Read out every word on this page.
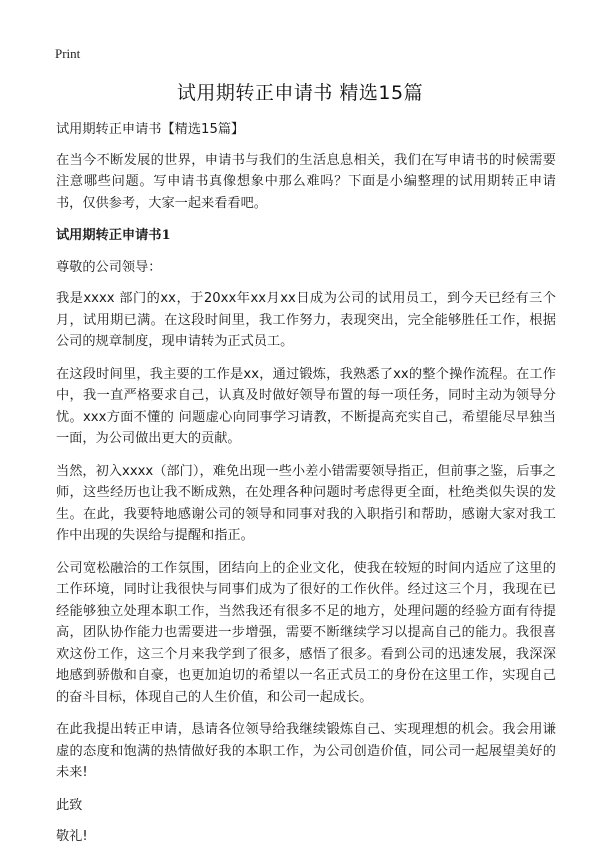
Print
试用期转正申请书 精选15篇

试用期转正申请书【精选15篇】

在当今不断发展的世界，申请书与我们的生活息息相关，我们在写申请书的时候需要注意哪些问题。写申请书真像想象中那么难吗？下面是小编整理的试用期转正申请书，仅供参考，大家一起来看看吧。

试用期转正申请书1

尊敬的公司领导：

我是xxxx 部门的xx，于20xx年xx月xx日成为公司的试用员工，到今天已经有三个月，试用期已满。在这段时间里，我工作努力，表现突出，完全能够胜任工作，根据公司的规章制度，现申请转为正式员工。

在这段时间里，我主要的工作是xx，通过锻炼，我熟悉了xx的整个操作流程。在工作中，我一直严格要求自己，认真及时做好领导布置的每一项任务，同时主动为领导分忧。xxx方面不懂的 问题虚心向同事学习请教，不断提高充实自己，希望能尽早独当一面，为公司做出更大的贡献。

当然，初入xxxx（部门），难免出现一些小差小错需要领导指正，但前事之鉴，后事之师，这些经历也让我不断成熟，在处理各种问题时考虑得更全面，杜绝类似失误的发生。在此，我要特地感谢公司的领导和同事对我的入职指引和帮助，感谢大家对我工作中出现的失误给与提醒和指正。

公司宽松融洽的工作氛围，团结向上的企业文化，使我在较短的时间内适应了这里的工作环境，同时让我很快与同事们成为了很好的工作伙伴。经过这三个月，我现在已经能够独立处理本职工作，当然我还有很多不足的地方，处理问题的经验方面有待提高，团队协作能力也需要进一步增强，需要不断继续学习以提高自己的能力。我很喜欢这份工作，这三个月来我学到了很多，感悟了很多。看到公司的迅速发展，我深深地感到骄傲和自豪，也更加迫切的希望以一名正式员工的身份在这里工作，实现自己的奋斗目标，体现自己的人生价值，和公司一起成长。

在此我提出转正申请，恳请各位领导给我继续锻炼自己、实现理想的机会。我会用谦虚的态度和饱满的热情做好我的本职工作，为公司创造价值，同公司一起展望美好的未来!

此致

敬礼!
